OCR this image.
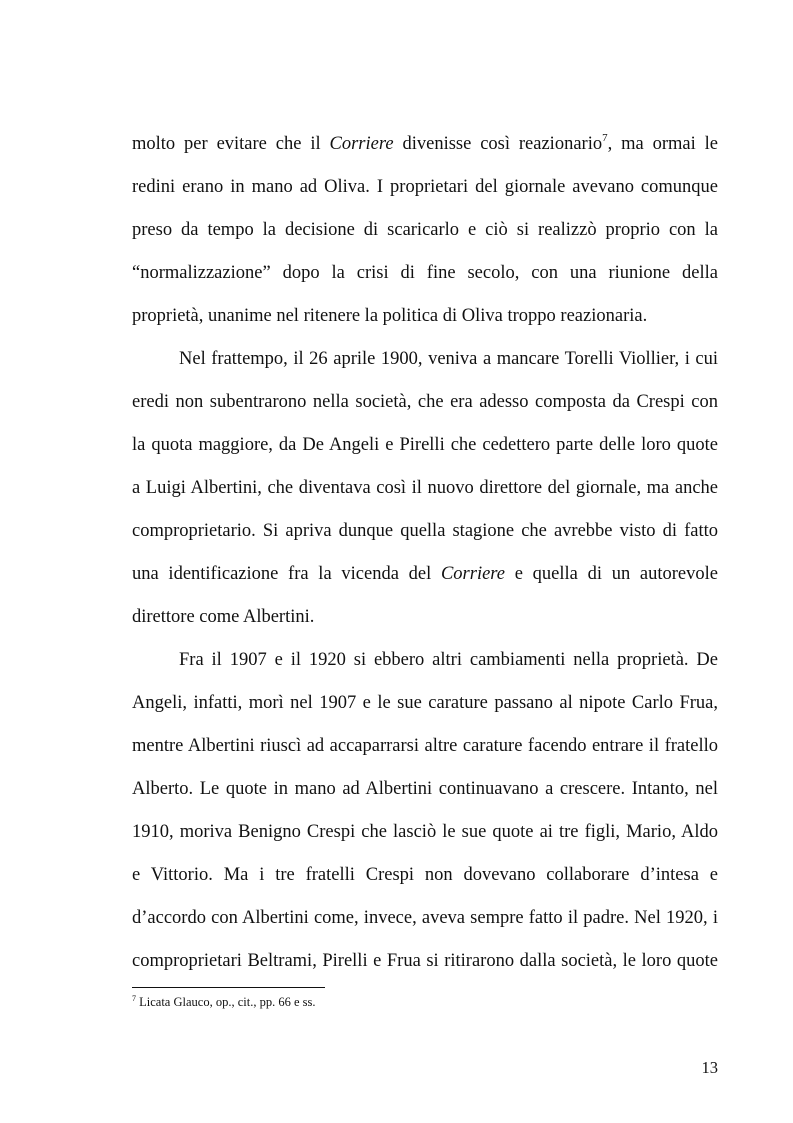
molto per evitare che il Corriere divenisse così reazionario$^7$, ma ormai le
redini erano in mano ad Oliva. I proprietari del giornale avevano comunque
preso da tempo la decisione di scaricarlo e ciò si realizzò proprio con la
“normalizzazione” dopo la crisi di fine secolo, con una riunione della
proprietà, unanime nel ritenere la politica di Oliva troppo reazionaria.
Nel frattempo, il 26 aprile 1900, veniva a mancare Torelli Viollier, i cui
eredi non subentrarono nella società, che era adesso composta da Crespi con
la quota maggiore, da De Angeli e Pirelli che cedettero parte delle loro quote
a Luigi Albertini, che diventava così il nuovo direttore del giornale, ma anche
comproprietario. Si apriva dunque quella stagione che avrebbe visto di fatto
una identificazione fra la vicenda del Corriere e quella di un autorevole
direttore come Albertini.
Fra il 1907 e il 1920 si ebbero altri cambiamenti nella proprietà. De
Angeli, infatti, morì nel 1907 e le sue carature passano al nipote Carlo Frua,
mentre Albertini riuscì ad accaparrarsi altre carature facendo entrare il fratello
Alberto. Le quote in mano ad Albertini continuavano a crescere. Intanto, nel
1910, moriva Benigno Crespi che lasciò le sue quote ai tre figli, Mario, Aldo
e Vittorio. Ma i tre fratelli Crespi non dovevano collaborare d’intesa e
d’accordo con Albertini come, invece, aveva sempre fatto il padre. Nel 1920, i
comproprietari Beltrami, Pirelli e Frua si ritirarono dalla società, le loro quote
$^7$ Licata Glauco, op., cit., pp. 66 e ss.
13
